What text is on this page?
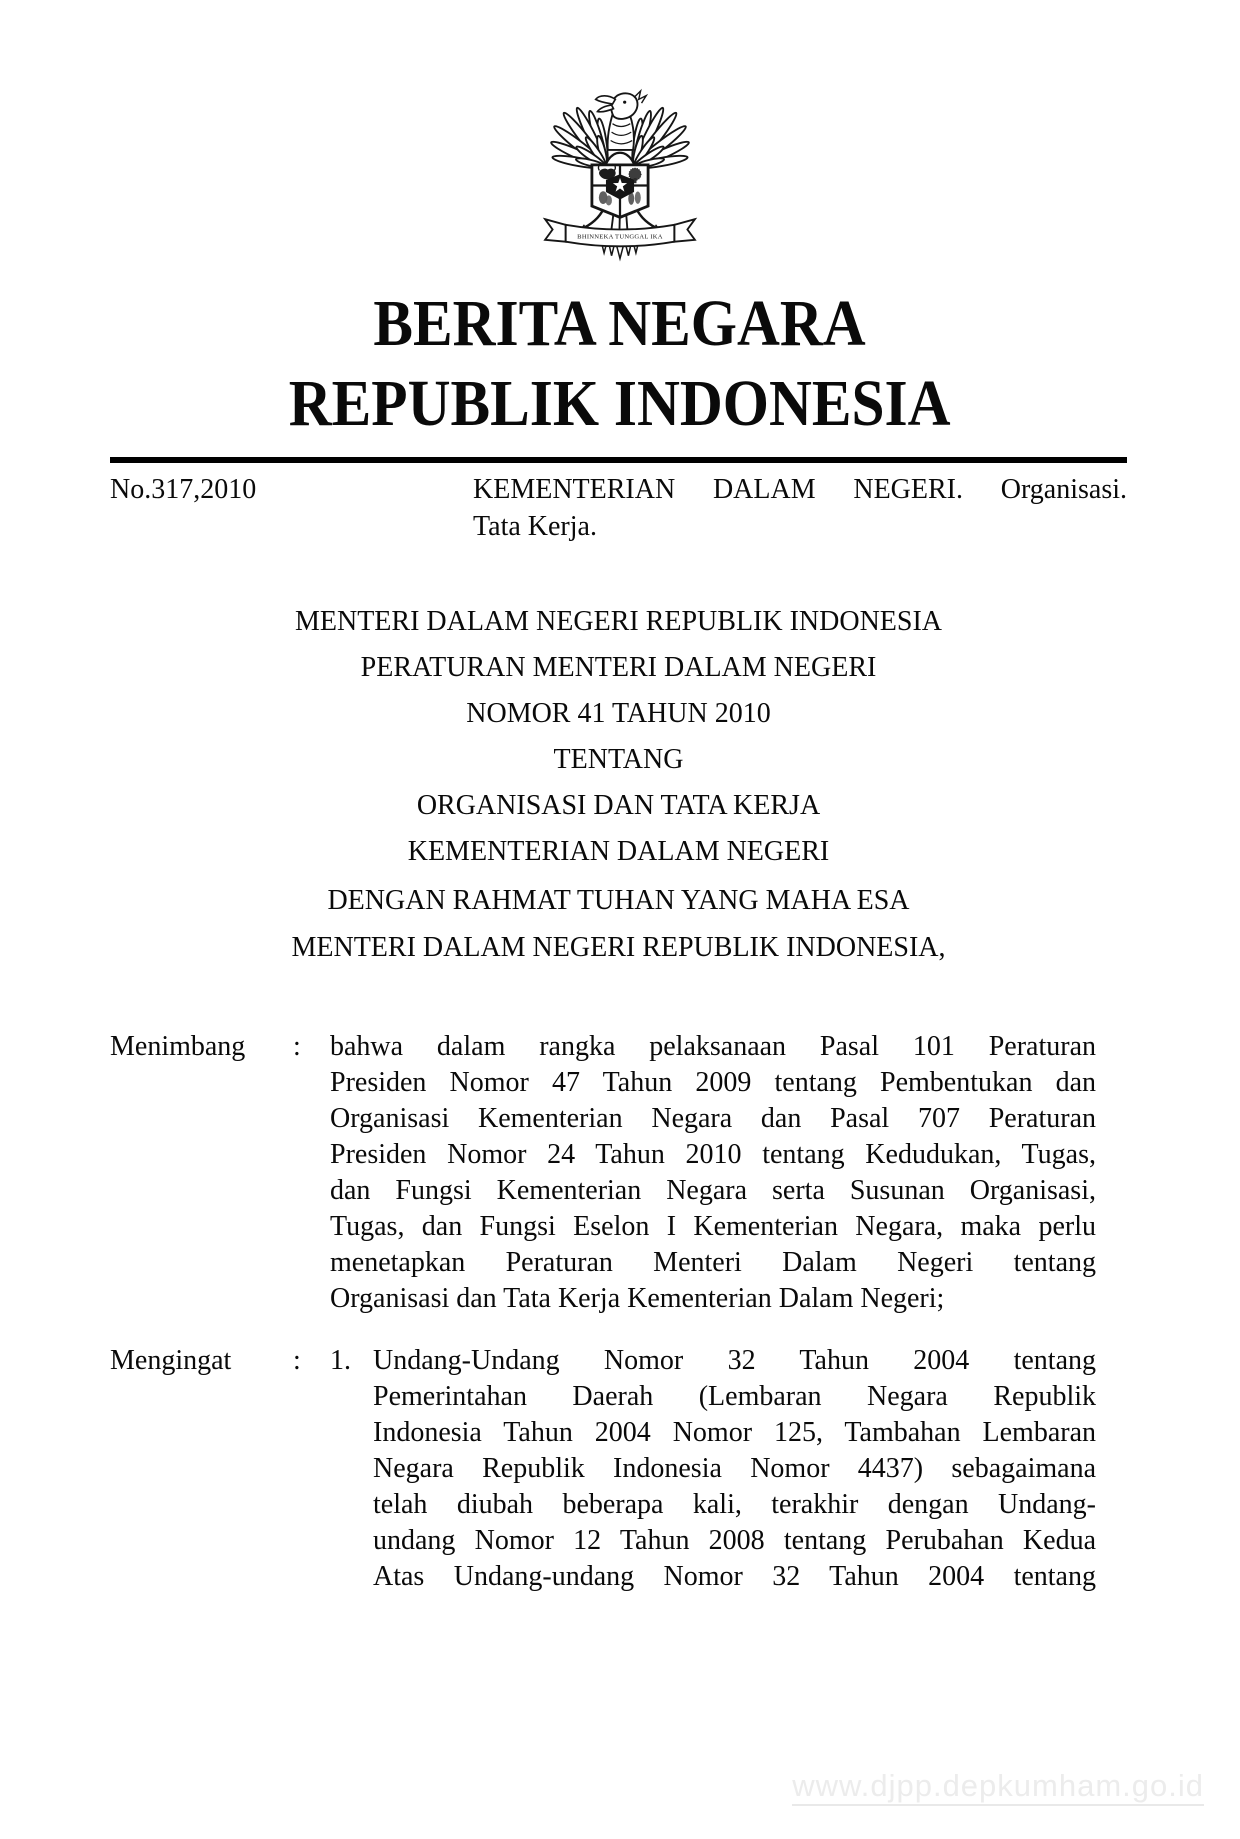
BHINNEKA TUNGGAL IKA
BERITA NEGARA
REPUBLIK INDONESIA
No.317,2010	KEMENTERIAN DALAM NEGERI. Organisasi.
Tata Kerja.
MENTERI DALAM NEGERI REPUBLIK INDONESIA
PERATURAN MENTERI DALAM NEGERI
NOMOR 41 TAHUN 2010
TENTANG
ORGANISASI DAN TATA KERJA
KEMENTERIAN DALAM NEGERI
DENGAN RAHMAT TUHAN YANG MAHA ESA
MENTERI DALAM NEGERI REPUBLIK INDONESIA,
Menimbang	:	bahwa dalam rangka pelaksanaan Pasal 101 Peraturan
Presiden Nomor 47 Tahun 2009 tentang Pembentukan dan
Organisasi Kementerian Negara dan Pasal 707 Peraturan
Presiden Nomor 24 Tahun 2010 tentang Kedudukan, Tugas,
dan Fungsi Kementerian Negara serta Susunan Organisasi,
Tugas, dan Fungsi Eselon I Kementerian Negara, maka perlu
menetapkan Peraturan Menteri Dalam Negeri tentang
Organisasi dan Tata Kerja Kementerian Dalam Negeri;
Mengingat	:	1. Undang-Undang Nomor 32 Tahun 2004 tentang
Pemerintahan Daerah (Lembaran Negara Republik
Indonesia Tahun 2004 Nomor 125, Tambahan Lembaran
Negara Republik Indonesia Nomor 4437) sebagaimana
telah diubah beberapa kali, terakhir dengan Undang-
undang Nomor 12 Tahun 2008 tentang Perubahan Kedua
Atas Undang-undang Nomor 32 Tahun 2004 tentang
www.djpp.depkumham.go.id
